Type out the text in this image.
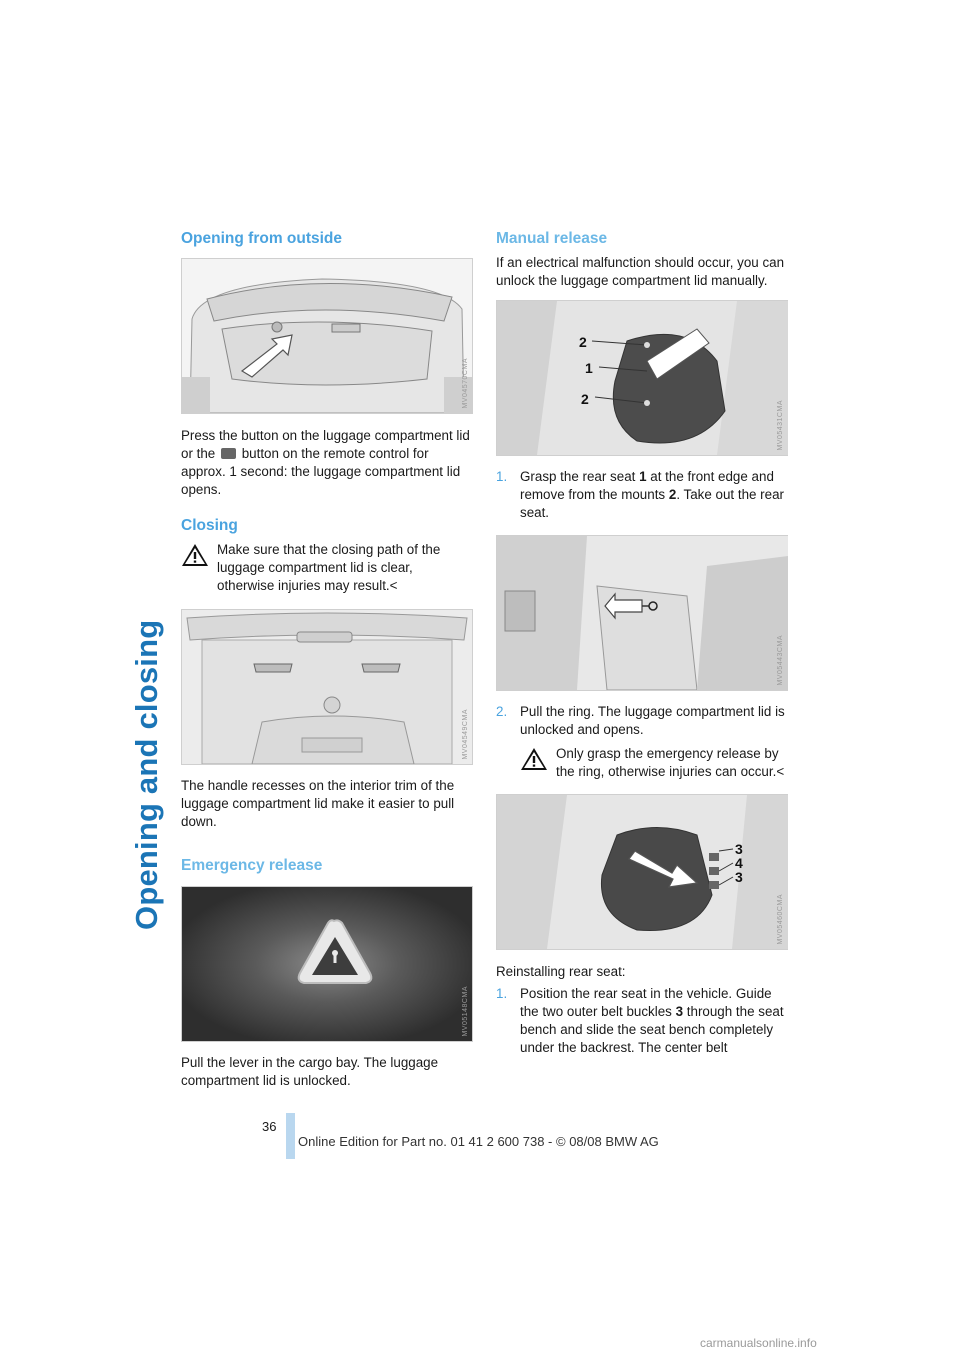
Opening and closing
Opening from outside
MV04570CMA

Press the button on the luggage compartment lid or the button on the remote control for approx. 1 second: the luggage compartment lid opens.

Closing

Make sure that the closing path of the luggage compartment lid is clear, otherwise injuries may result.<

MV04549CMA

The handle recesses on the interior trim of the luggage compartment lid make it easier to pull down.

Emergency release
MV05148CMA

Pull the lever in the cargo bay. The luggage compartment lid is unlocked.

Manual release

If an electrical malfunction should occur, you can unlock the luggage compartment lid manually.

2
1
2
MV05431CMA
1. Grasp the rear seat 1 at the front edge and remove from the mounts 2. Take out the rear seat.
MV05443CMA
2. Pull the ring. The luggage compartment lid is unlocked and opens.

Only grasp the emergency release by the ring, otherwise injuries can occur.<

3
4
3
MV05460CMA

Reinstalling rear seat:

1. Position the rear seat in the vehicle. Guide the two outer belt buckles 3 through the seat bench and slide the seat bench completely under the backrest. The center belt
36
Online Edition for Part no. 01 41 2 600 738 - © 08/08 BMW AG
carmanualsonline.info
